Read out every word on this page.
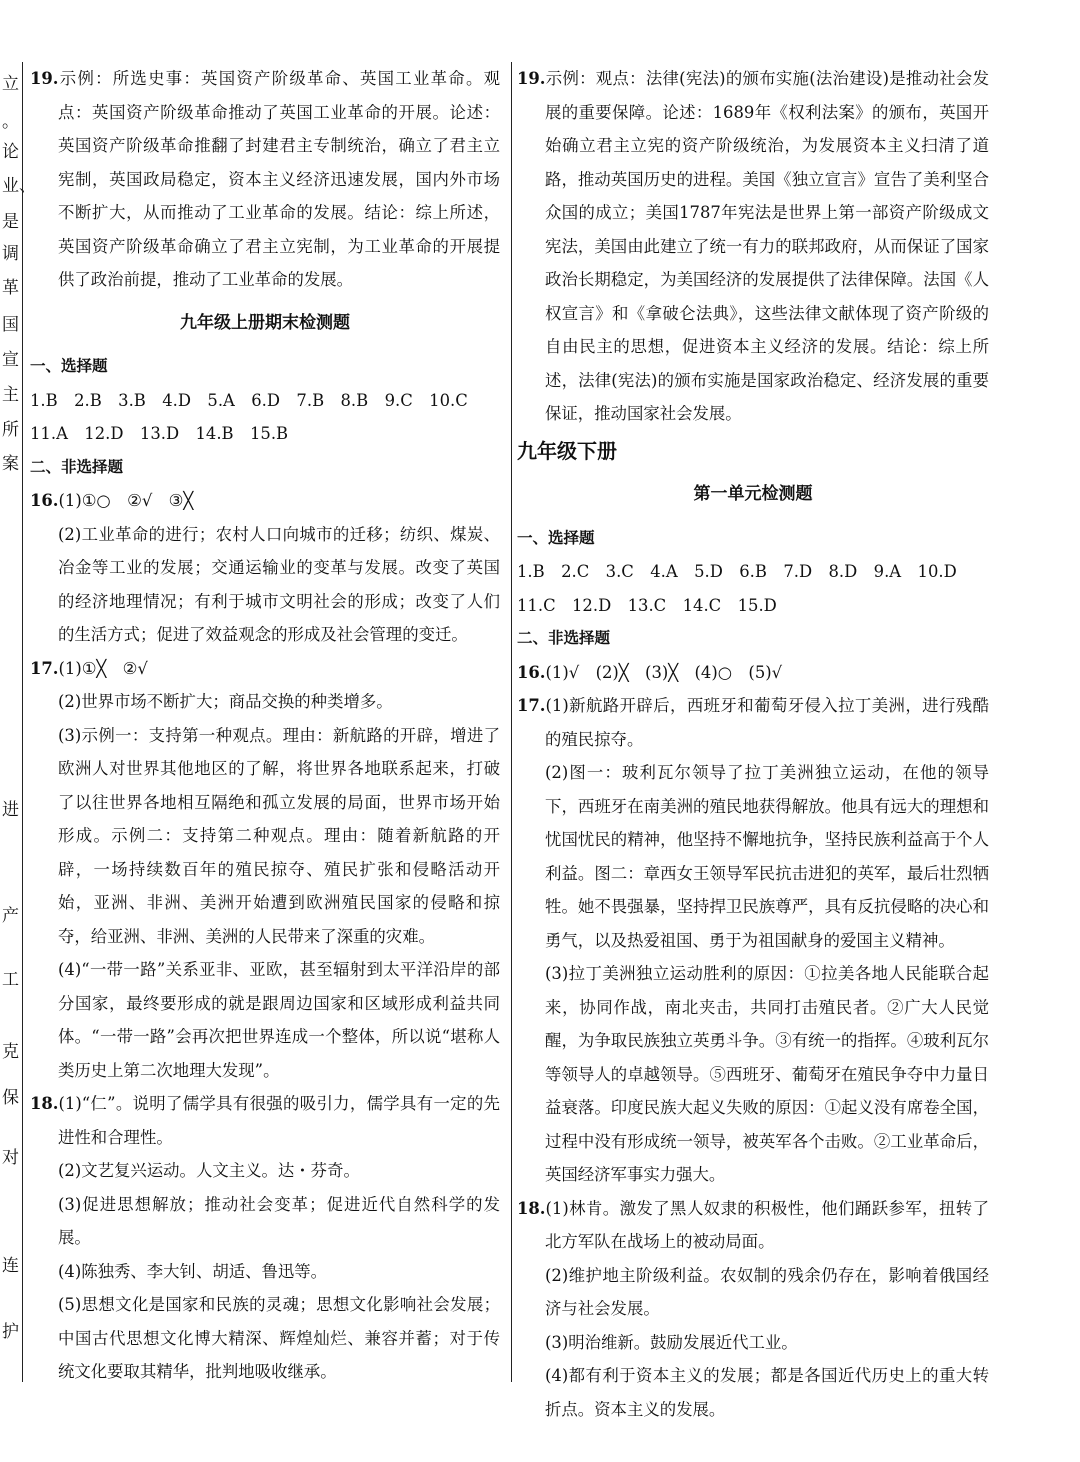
立
。
论
业、
是
调
革
国
宣
主
所
案
进
产
工
克
保
对
连
护

19.示例：所选史事：英国资产阶级革命、英国工业革命。观点：英国资产阶级革命推动了英国工业革命的开展。论述：英国资产阶级革命推翻了封建君主专制统治，确立了君主立宪制，英国政局稳定，资本主义经济迅速发展，国内外市场不断扩大，从而推动了工业革命的发展。结论：综上所述，英国资产阶级革命确立了君主立宪制，为工业革命的开展提供了政治前提，推动了工业革命的发展。

九年级上册期末检测题

一、选择题

1.B　2.B　3.B　4.D　5.A　6.D　7.B　8.B　9.C　10.C

11.A　12.D　13.D　14.B　15.B

二、非选择题

16.(1)①○　②√　③╳

(2)工业革命的进行；农村人口向城市的迁移；纺织、煤炭、冶金等工业的发展；交通运输业的变革与发展。改变了英国的经济地理情况；有利于城市文明社会的形成；改变了人们的生活方式；促进了效益观念的形成及社会管理的变迁。

17.(1)①╳　②√

(2)世界市场不断扩大；商品交换的种类增多。

(3)示例一：支持第一种观点。理由：新航路的开辟，增进了欧洲人对世界其他地区的了解，将世界各地联系起来，打破了以往世界各地相互隔绝和孤立发展的局面，世界市场开始形成。示例二：支持第二种观点。理由：随着新航路的开辟，一场持续数百年的殖民掠夺、殖民扩张和侵略活动开始，亚洲、非洲、美洲开始遭到欧洲殖民国家的侵略和掠夺，给亚洲、非洲、美洲的人民带来了深重的灾难。

(4)“一带一路”关系亚非、亚欧，甚至辐射到太平洋沿岸的部分国家，最终要形成的就是跟周边国家和区域形成利益共同体。“一带一路”会再次把世界连成一个整体，所以说“堪称人类历史上第二次地理大发现”。

18.(1)“仁”。说明了儒学具有很强的吸引力，儒学具有一定的先进性和合理性。

(2)文艺复兴运动。人文主义。达・芬奇。

(3)促进思想解放；推动社会变革；促进近代自然科学的发展。

(4)陈独秀、李大钊、胡适、鲁迅等。

(5)思想文化是国家和民族的灵魂；思想文化影响社会发展；中国古代思想文化博大精深、辉煌灿烂、兼容并蓄；对于传统文化要取其精华，批判地吸收继承。

19.示例：观点：法律(宪法)的颁布实施(法治建设)是推动社会发展的重要保障。论述：1689年《权利法案》的颁布，英国开始确立君主立宪的资产阶级统治，为发展资本主义扫清了道路，推动英国历史的进程。美国《独立宣言》宣告了美利坚合众国的成立；美国1787年宪法是世界上第一部资产阶级成文宪法，美国由此建立了统一有力的联邦政府，从而保证了国家政治长期稳定，为美国经济的发展提供了法律保障。法国《人权宣言》和《拿破仑法典》，这些法律文献体现了资产阶级的自由民主的思想，促进资本主义经济的发展。结论：综上所述，法律(宪法)的颁布实施是国家政治稳定、经济发展的重要保证，推动国家社会发展。

九年级下册

第一单元检测题

一、选择题

1.B　2.C　3.C　4.A　5.D　6.B　7.D　8.D　9.A　10.D

11.C　12.D　13.C　14.C　15.D

二、非选择题

16.(1)√　(2)╳　(3)╳　(4)○　(5)√

17.(1)新航路开辟后，西班牙和葡萄牙侵入拉丁美洲，进行残酷的殖民掠夺。

(2)图一：玻利瓦尔领导了拉丁美洲独立运动，在他的领导下，西班牙在南美洲的殖民地获得解放。他具有远大的理想和忧国忧民的精神，他坚持不懈地抗争，坚持民族利益高于个人利益。图二：章西女王领导军民抗击进犯的英军，最后壮烈牺牲。她不畏强暴，坚持捍卫民族尊严，具有反抗侵略的决心和勇气，以及热爱祖国、勇于为祖国献身的爱国主义精神。

(3)拉丁美洲独立运动胜利的原因：①拉美各地人民能联合起来，协同作战，南北夹击，共同打击殖民者。②广大人民觉醒，为争取民族独立英勇斗争。③有统一的指挥。④玻利瓦尔等领导人的卓越领导。⑤西班牙、葡萄牙在殖民争夺中力量日益衰落。印度民族大起义失败的原因：①起义没有席卷全国，过程中没有形成统一领导，被英军各个击败。②工业革命后，英国经济军事实力强大。

18.(1)林肯。激发了黑人奴隶的积极性，他们踊跃参军，扭转了北方军队在战场上的被动局面。

(2)维护地主阶级利益。农奴制的残余仍存在，影响着俄国经济与社会发展。

(3)明治维新。鼓励发展近代工业。

(4)都有利于资本主义的发展；都是各国近代历史上的重大转折点。资本主义的发展。
